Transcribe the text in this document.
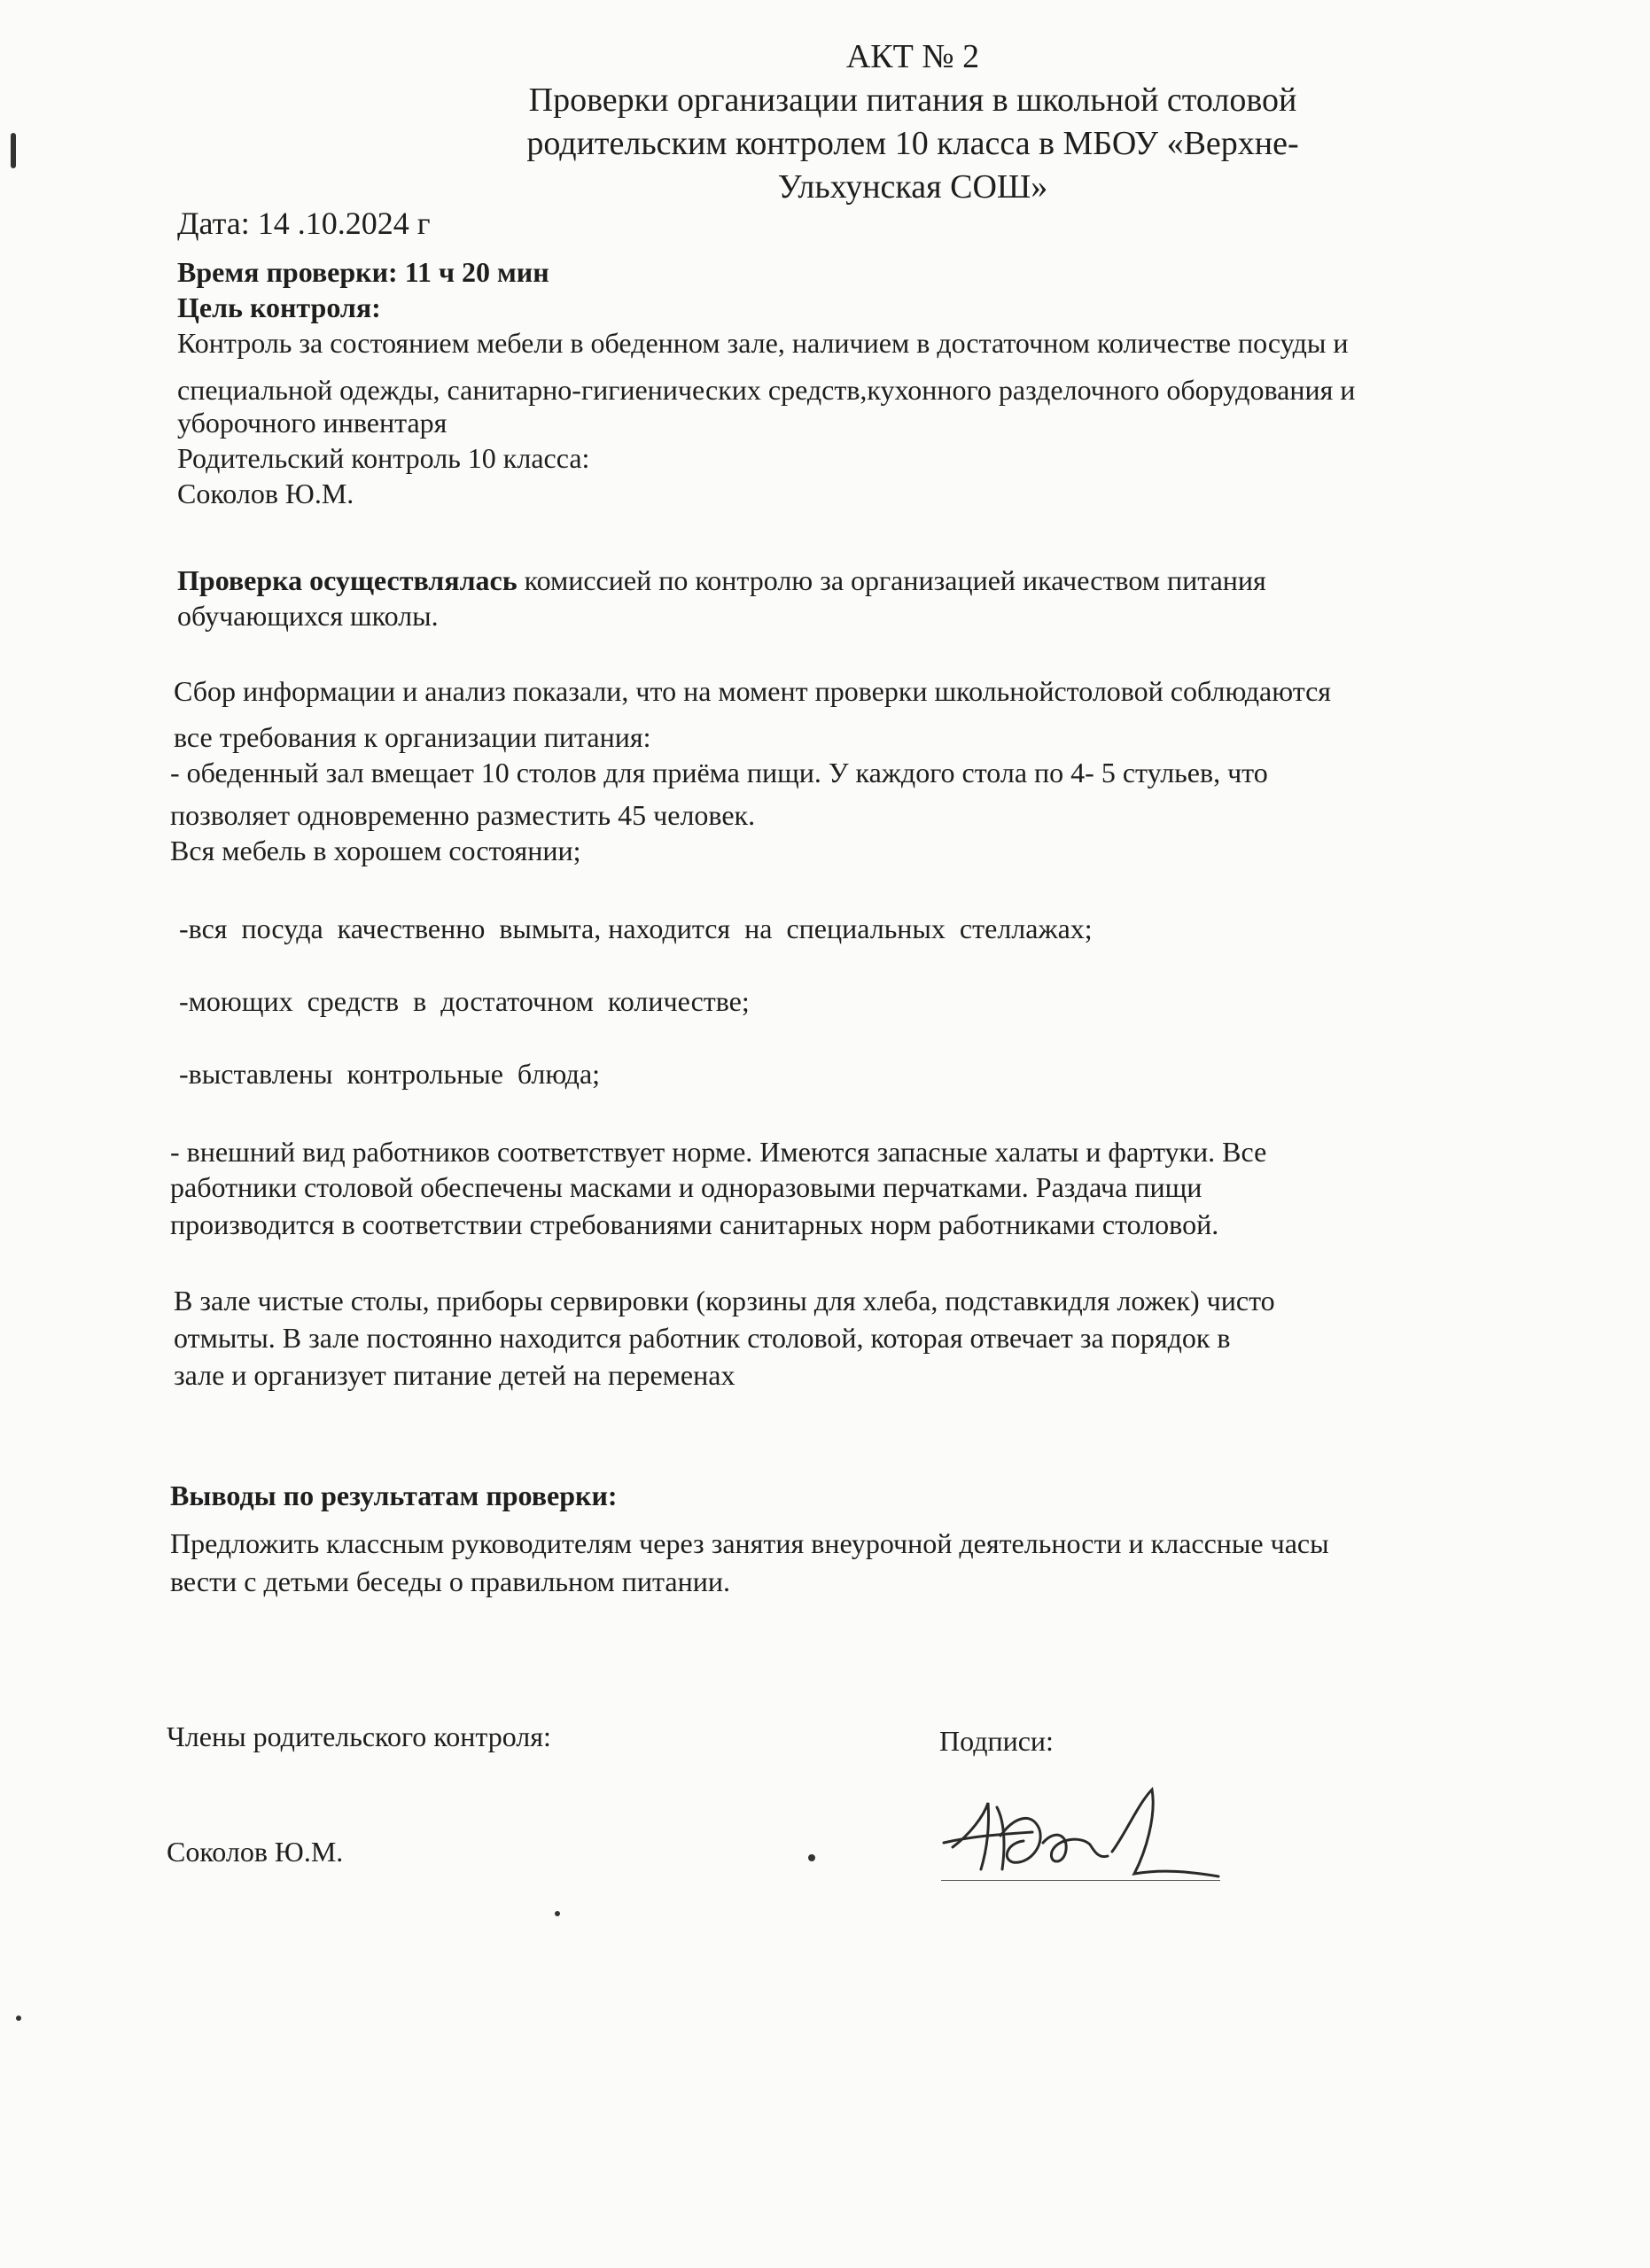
АКТ № 2
Проверки организации питания в школьной столовой
родительским контролем 10 класса в МБОУ «Верхне-
Ульхунская СОШ»
Дата: 14 .10.2024 г
Время проверки: 11 ч 20 мин
Цель контроля:
Контроль за состоянием мебели в обеденном зале, наличием в достаточном количестве посуды и
специальной одежды, санитарно-гигиенических средств,кухонного разделочного оборудования и
уборочного инвентаря
Родительский контроль 10 класса:
Соколов Ю.М.
Проверка осуществлялась комиссией по контролю за организацией икачеством питания
обучающихся школы.
Сбор информации и анализ показали, что на момент проверки школьнойстоловой соблюдаются
все требования к организации питания:
- обеденный зал вмещает 10 столов для приёма пищи. У каждого стола по 4- 5 стульев, что
позволяет одновременно разместить 45 человек.
Вся мебель в хорошем состоянии;
-вся  посуда  качественно  вымыта, находится  на  специальных  стеллажах;
-моющих  средств  в  достаточном  количестве;
-выставлены  контрольные  блюда;
- внешний вид работников соответствует норме. Имеются запасные халаты и фартуки. Все
работники столовой обеспечены масками и одноразовыми перчатками. Раздача пищи
производится в соответствии стребованиями санитарных норм работниками столовой.
В зале чистые столы, приборы сервировки (корзины для хлеба, подставкидля ложек) чисто
отмыты. В зале постоянно находится работник столовой, которая отвечает за порядок в
зале и организует питание детей на переменах
Выводы по результатам проверки:
Предложить классным руководителям через занятия внеурочной деятельности и классные часы
вести с детьми беседы о правильном питании.
Члены родительского контроля:	Подписи:
Соколов Ю.М.
